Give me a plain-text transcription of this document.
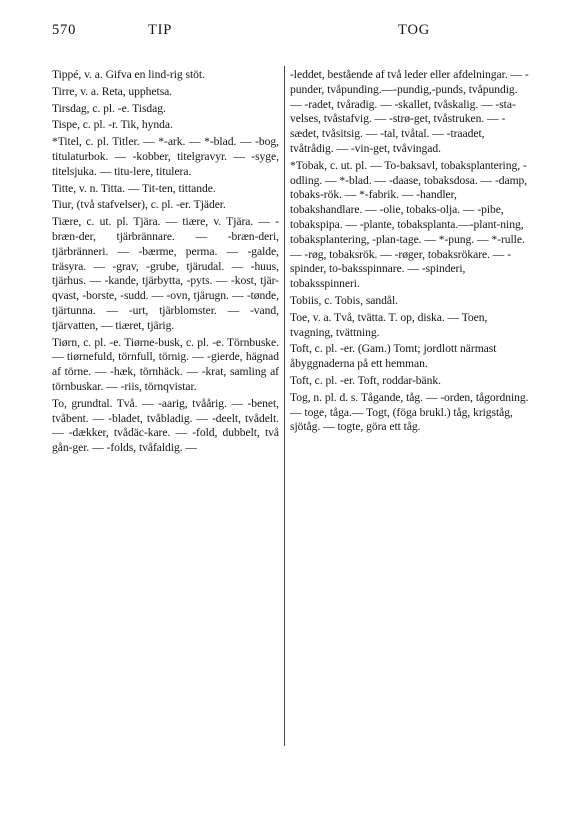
570	TIP	TOG

Tippé, v. a. Gifva en lind-rig stöt.

Tirre, v. a. Reta, upphetsa.

Tirsdag, c. pl. -e. Tisdag.

Tispe, c. pl. -r. Tik, hynda.

*Titel, c. pl. Titler. — *-ark. — *-blad. — -bog, titulaturbok. — -kobber, titelgravyr. — -syge, titelsjuka. — titu-lere, titulera.

Titte, v. n. Titta. — Tit-ten, tittande.

Tiur, (två stafvelser), c. pl. -er. Tjäder.

Tiære, c. ut. pl. Tjära. — tiære, v. Tjära. — -bræn-der, tjärbrännare. — -bræn-deri, tjärbränneri. — -bærme, perma. — -galde, träsyra. — -grav, -grube, tjärudal. — -huus, tjärhus. — -kande, tjärbytta, -pyts. — -kost, tjär-qvast, -borste, -sudd. — -ovn, tjärugn. — -tønde, tjärtunna. — -urt, tjärblomster. — -vand, tjärvatten, — tiæret, tjärig.

Tiørn, c. pl. -e. Tiørne-busk, c. pl. -e. Törnbuske. — tiørnefuld, törnfull, törnig. — -gierde, hägnad af törne. — -hæk, törnhäck. — -krat, samling af törnbuskar. — -riis, törnqvistar.

To, grundtal. Två. — -aarig, tvåårig. — -benet, tvåbent. — -bladet, tvåbladig. — -deelt, tvådelt. — -dækker, tvådäc-kare. — -fold, dubbelt, två gån-ger. — -folds, tvåfaldig. —

-leddet, bestående af två leder eller afdelningar. — -punder, tvåpunding.—-pundig,-punds, tvåpundig. — -radet, tvåradig. — -skallet, tvåskalig. — -sta-velses, tvåstafvig. — -strø-get, tvåstruken. — -sædet, tvåsitsig. — -tal, tvåtal. — -traadet, tvåtrådig. — -vin-get, tvåvingad.

*Tobak, c. ut. pl. — To-baksavl, tobaksplantering, -odling. — *-blad. — -daase, tobaksdosa. — -damp, tobaks-rök. — *-fabrik. — -handler, tobakshandlare. — -olie, tobaks-olja. — -pibe, tobakspipa. — -plante, tobaksplanta.—-plant-ning, tobaksplantering, -plan-tage. — *-pung. — *-rulle. — -røg, tobaksrök. — -røger, tobaksrökare. — -spinder, to-bakssp‍innare. — -spinderi, tobaksspinneri.

Tobiis, c. Tobis, sandål.

Toe, v. a. Två, tvätta. T. op, diska. — Toen, tvagning, tvättning.

Toft, c. pl. -er. (Gam.) Tomt; jordlott närmast åbyggnaderna på ett hemman.

Toft, c. pl. -er. Toft, roddar-bänk.

Tog, n. pl. d. s. Tågande, tåg. — -orden, tågordning. — toge, tåga.— Togt, (föga brukl.) tåg, krigståg, sjötåg. — togte, göra ett tåg.
